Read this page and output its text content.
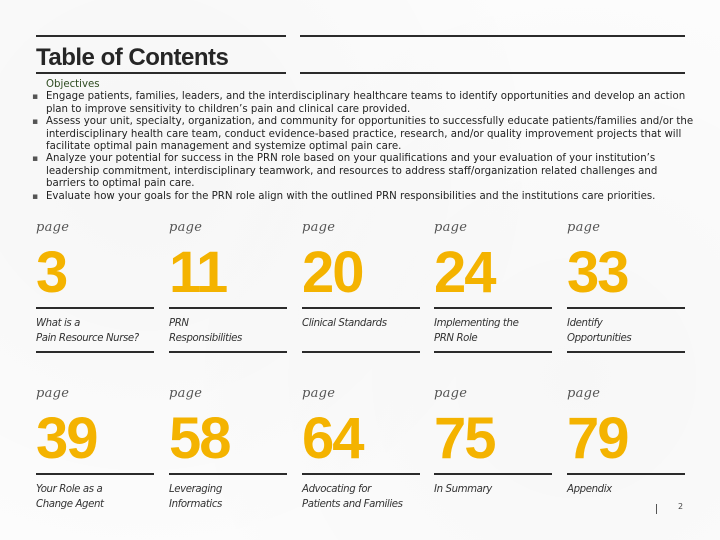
Table of Contents
Objectives
▪ Engage patients, families, leaders, and the interdisciplinary healthcare teams to identify opportunities and develop an action plan to improve sensitivity to children’s pain and clinical care provided.
▪ Assess your unit, specialty, organization, and community for opportunities to successfully educate patients/families and/or the interdisciplinary health care team, conduct evidence-based practice, research, and/or quality improvement projects that will facilitate optimal pain management and systemize optimal pain care.
▪ Analyze your potential for success in the PRN role based on your qualifications and your evaluation of your institution’s leadership commitment, interdisciplinary teamwork, and resources to address staff/organization related challenges and barriers to optimal pain care.
▪ Evaluate how your goals for the PRN role align with the outlined PRN responsibilities and the institutions care priorities.
page
3
What is a
Pain Resource Nurse?
page
11
PRN
Responsibilities
page
20
Clinical Standards

page
24
Implementing the
PRN Role
page
33
Identify
Opportunities
page
39
Your Role as a
Change Agent
page
58
Leveraging
Informatics
page
64
Advocating for
Patients and Families
page
75
In Summary

page
79
Appendix

2
